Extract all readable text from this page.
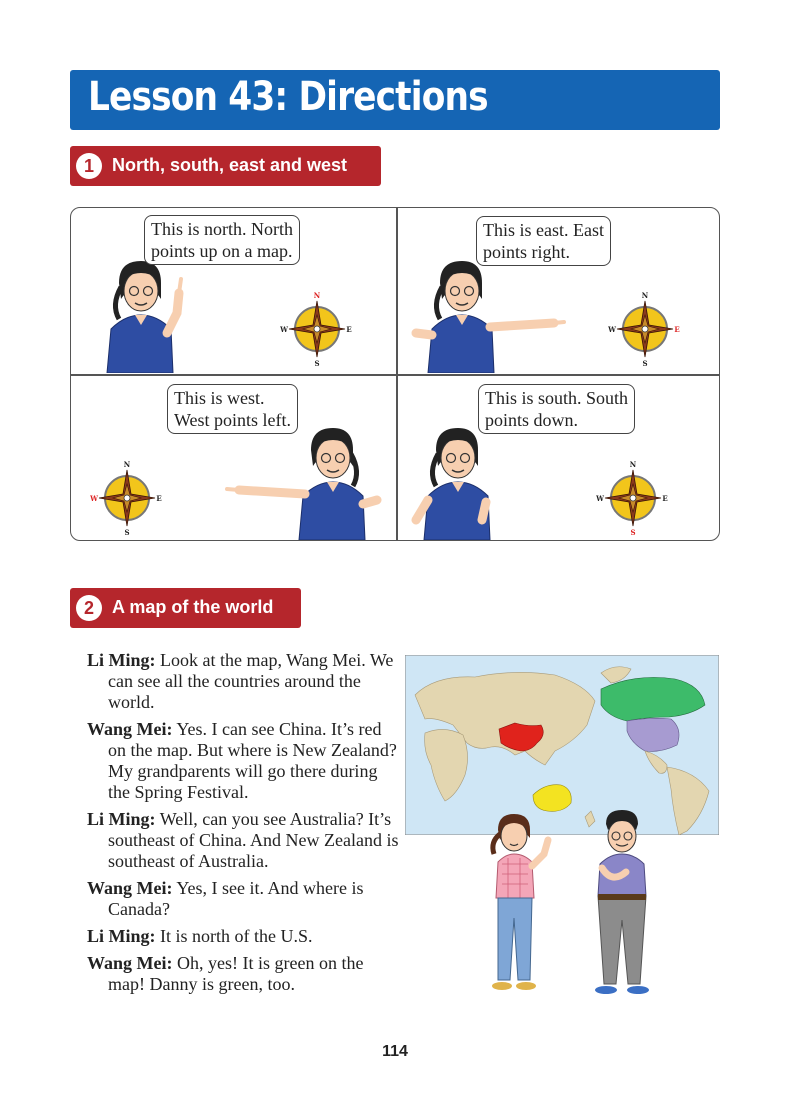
Lesson 43: Directions
1	North, south, east and west
This is north. North
points up on a map.
N
S
E
W
This is east. East
points right.
N
S
E
W
N
S
E
W
This is west.
West points left.
This is south. South
points down.
N
S
E
W
2	A map of the world
Li Ming: Look at the map, Wang Mei. We can see all the countries around the world.
Wang Mei: Yes. I can see China. It’s red on the map. But where is New Zealand? My grandparents will go there during the Spring Festival.
Li Ming: Well, can you see Australia? It’s southeast of China. And New Zealand is southeast of Australia.
Wang Mei: Yes, I see it. And where is Canada?
Li Ming: It is north of the U.S.
Wang Mei: Oh, yes! It is green on the map! Danny is green, too.
114
